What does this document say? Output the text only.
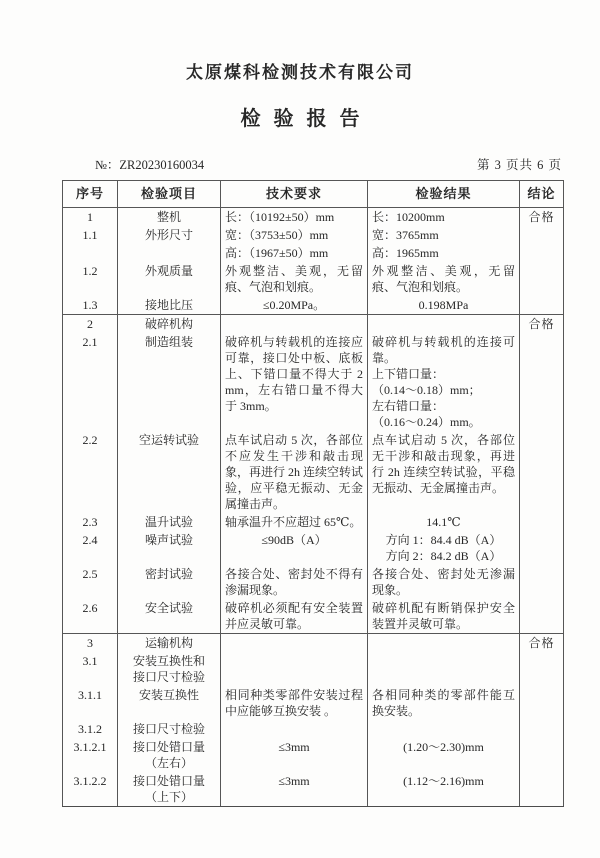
太原煤科检测技术有限公司
检验报告
№：ZR20230160034	第 3 页共 6 页
序号	检验项目	技术要求	检验结果	结论
1	整机	长：（10192±50）mm	长：10200mm	合格
1.1	外形尺寸	宽：（3753±50）mm	宽：3765mm	

		高：（1967±50）mm	高：1965mm	

1.2	外观质量	外观整洁、美观，无留痕、气泡和划痕。	外观整洁、美观，无留痕、气泡和划痕。	

1.3	接地比压	≤0.20MPa。	0.198MPa	

2	破碎机构			合格
2.1	制造组装	破碎机与转载机的连接应可靠，接口处中板、底板上、下错口量不得大于 2mm，左右错口量不得大于 3mm。	破碎机与转载机的连接可靠。
上下错口量：
（0.14～0.18）mm；
左右错口量：
（0.16～0.24）mm。	

2.2	空运转试验	点车试启动 5 次，各部位不应发生干涉和敲击现象，再进行 2h 连续空转试验，应平稳无振动、无金属撞击声。	点车试启动 5 次，各部位无干涉和敲击现象，再进行 2h 连续空转试验，平稳无振动、无金属撞击声。	

2.3	温升试验	轴承温升不应超过 65℃。	14.1℃	

2.4	噪声试验	≤90dB（A）	方向 1：84.4 dB（A）
方向 2：84.2 dB（A）	

2.5	密封试验	各接合处、密封处不得有渗漏现象。	各接合处、密封处无渗漏现象。	

2.6	安全试验	破碎机必须配有安全装置并应灵敏可靠。	破碎机配有断销保护安全装置并灵敏可靠。	

3	运输机构			合格
3.1	安装互换性和
接口尺寸检验			

3.1.1	安装互换性	相同种类零部件安装过程中应能够互换安装 。	各相同种类的零部件能互换安装。	

3.1.2	接口尺寸检验			

3.1.2.1	接口处错口量
（左右）	≤3mm	(1.20～2.30)mm	

3.1.2.2	接口处错口量
（上下）	≤3mm	(1.12～2.16)mm	
